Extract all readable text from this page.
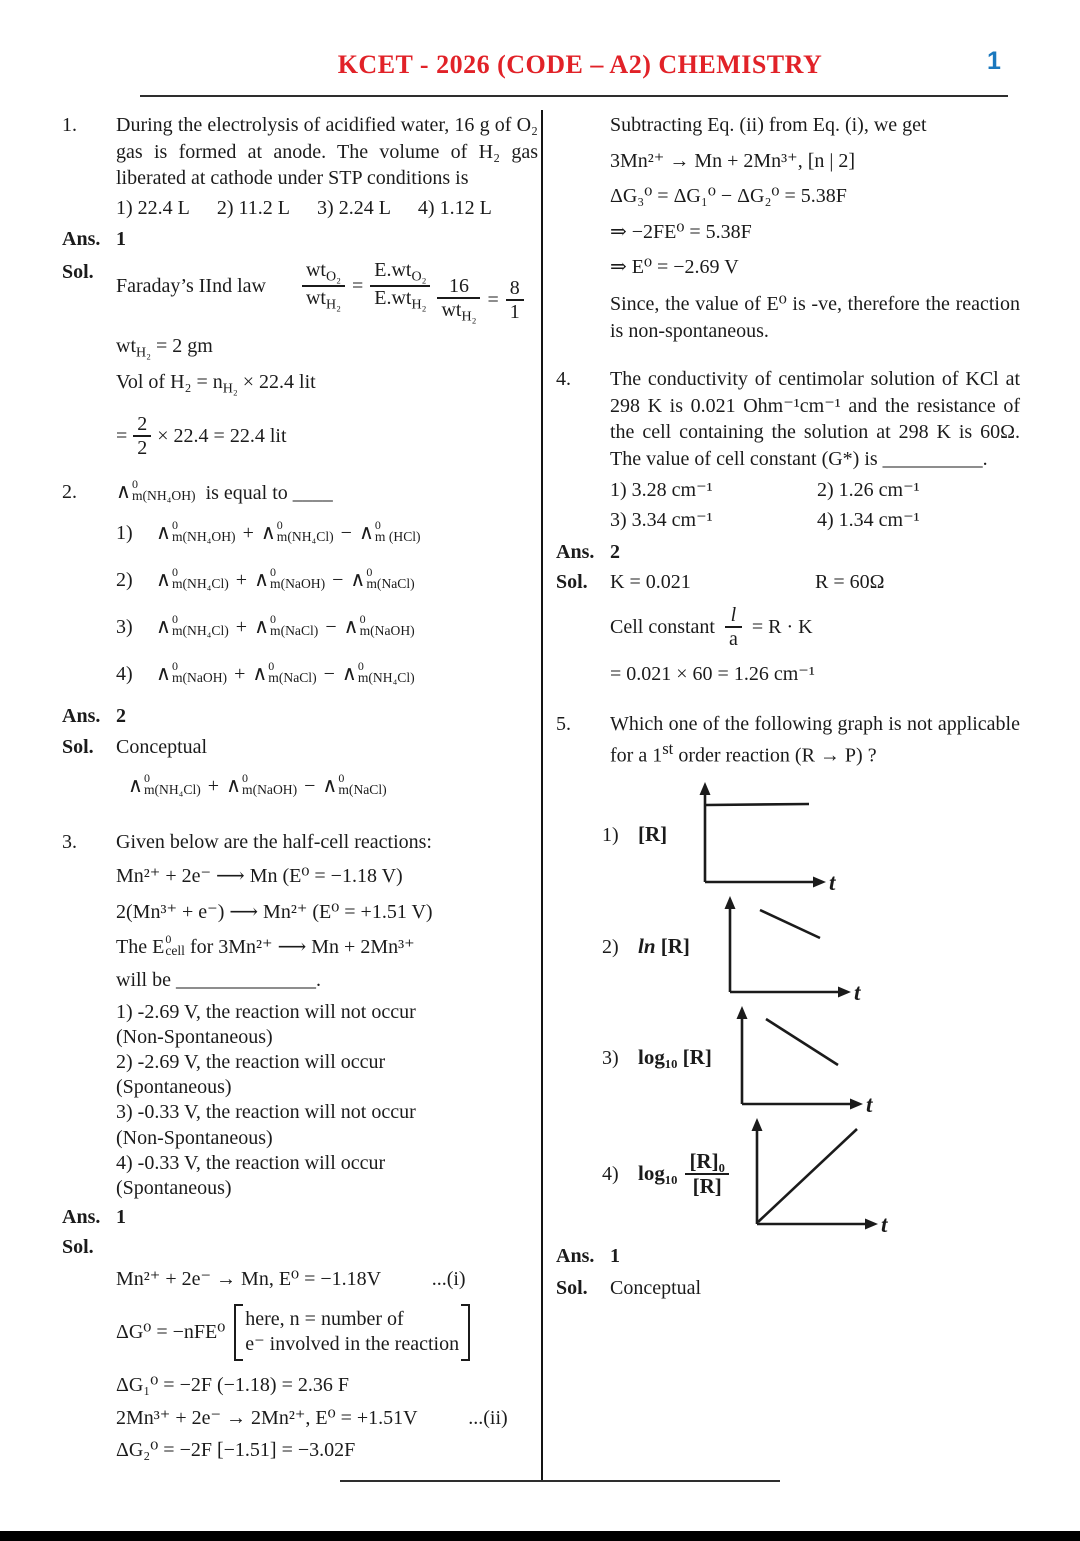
KCET - 2026 (CODE – A2) CHEMISTRY	1
1.	During the electrolysis of acidified water, 16 g of O₂ gas is formed at anode. The volume of H₂ gas liberated at cathode under STP conditions is

1) 22.4 L 2) 11.2 L 3) 2.24 L 4) 1.12 L
Ans. 1
Sol.
Faraday’s IInd law $\frac{wt_{O_2}}{wt_{H_2}} = \frac{E.wt_{O_2}}{E.wt_{H_2}}$
$\frac{16}{wt_{H_2}} = \frac{8}{1}$
$wt_{H_2} = 2$ gm
Vol of $H_2 = n_{H_2} \times 22.4$ lit
= $\frac{2}{2} \times 22.4 = 22.4$ lit
2.	∧ 0
m(NH₄OH) is equal to ____
1)	∧ 0
m(NH₄OH) + ∧ 0
m(NH₄Cl) − ∧ 0
m (HCl)
2)	∧ 0
m(NH₄Cl) + ∧ 0
m(NaOH) − ∧ 0
m(NaCl)
3)	∧ 0
m(NH₄Cl) + ∧ 0
m(NaCl) − ∧ 0
m(NaOH)
4)	∧ 0
m(NaOH) + ∧ 0
m(NaCl) − ∧ 0
m(NH₄Cl)
Ans. 2
Sol.	Conceptual
∧ 0
m(NH₄Cl) + ∧ 0
m(NaOH) − ∧ 0
m(NaCl)
3.	Given below are the half-cell reactions:
Mn²⁺ + 2e⁻ ⟶ Mn (E⁰ = −1.18 V)
2(Mn³⁺ + e⁻) ⟶ Mn²⁺ (E⁰ = +1.51 V)
The E 0
cell for 3Mn²⁺ ⟶ Mn + 2Mn³⁺
will be ______________.
1) -2.69 V, the reaction will not occur
(Non-Spontaneous)
2) -2.69 V, the reaction will occur
(Spontaneous)
3) -0.33 V, the reaction will not occur
(Non-Spontaneous)
4) -0.33 V, the reaction will occur
(Spontaneous)
Ans. 1
Sol.
Mn²⁺ + 2e⁻ → Mn, E⁰ = −1.18V	...(i)
ΔG⁰ = −nFE⁰
here, n = number of
e⁻ involved in the reaction
ΔG₁⁰ = −2F (−1.18) = 2.36 F
2Mn³⁺ + 2e⁻ → 2Mn²⁺, E⁰ = +1.51V	...(ii)
ΔG₂⁰ = −2F [−1.51] = −3.02F
Subtracting Eq. (ii) from Eq. (i), we get
3Mn²⁺ → Mn + 2Mn³⁺, [n | 2]
ΔG₃⁰ = ΔG₁⁰ − ΔG₂⁰ = 5.38F
⇒ −2FE⁰ = 5.38F
⇒ E⁰ = −2.69 V

Since, the value of E⁰ is -ve, therefore the reaction is non-spontaneous.

4.	The conductivity of centimolar solution of KCl at 298 K is 0.021 Ohm⁻¹cm⁻¹ and the resistance of the cell containing the solution at 298 K is 60Ω. The value of cell constant (G*) is __________.

1) 3.28 cm⁻¹	2) 1.26 cm⁻¹
3) 3.34 cm⁻¹	4) 1.34 cm⁻¹
Ans. 2
Sol.	K = 0.021	R = 60Ω
Cell constant $\frac{l}{a} = R \cdot K$
= 0.021 × 60 = 1.26 cm⁻¹
5.	Which one of the following graph is not applicable for a 1st order reaction (R → P) ?

1) [R]
t
2) ln [R]
t
3) log₁₀ [R]
t
4) $\log_{10} \frac{\text{[R]₀}}{[R]}$
t
Ans. 1
Sol.	Conceptual
